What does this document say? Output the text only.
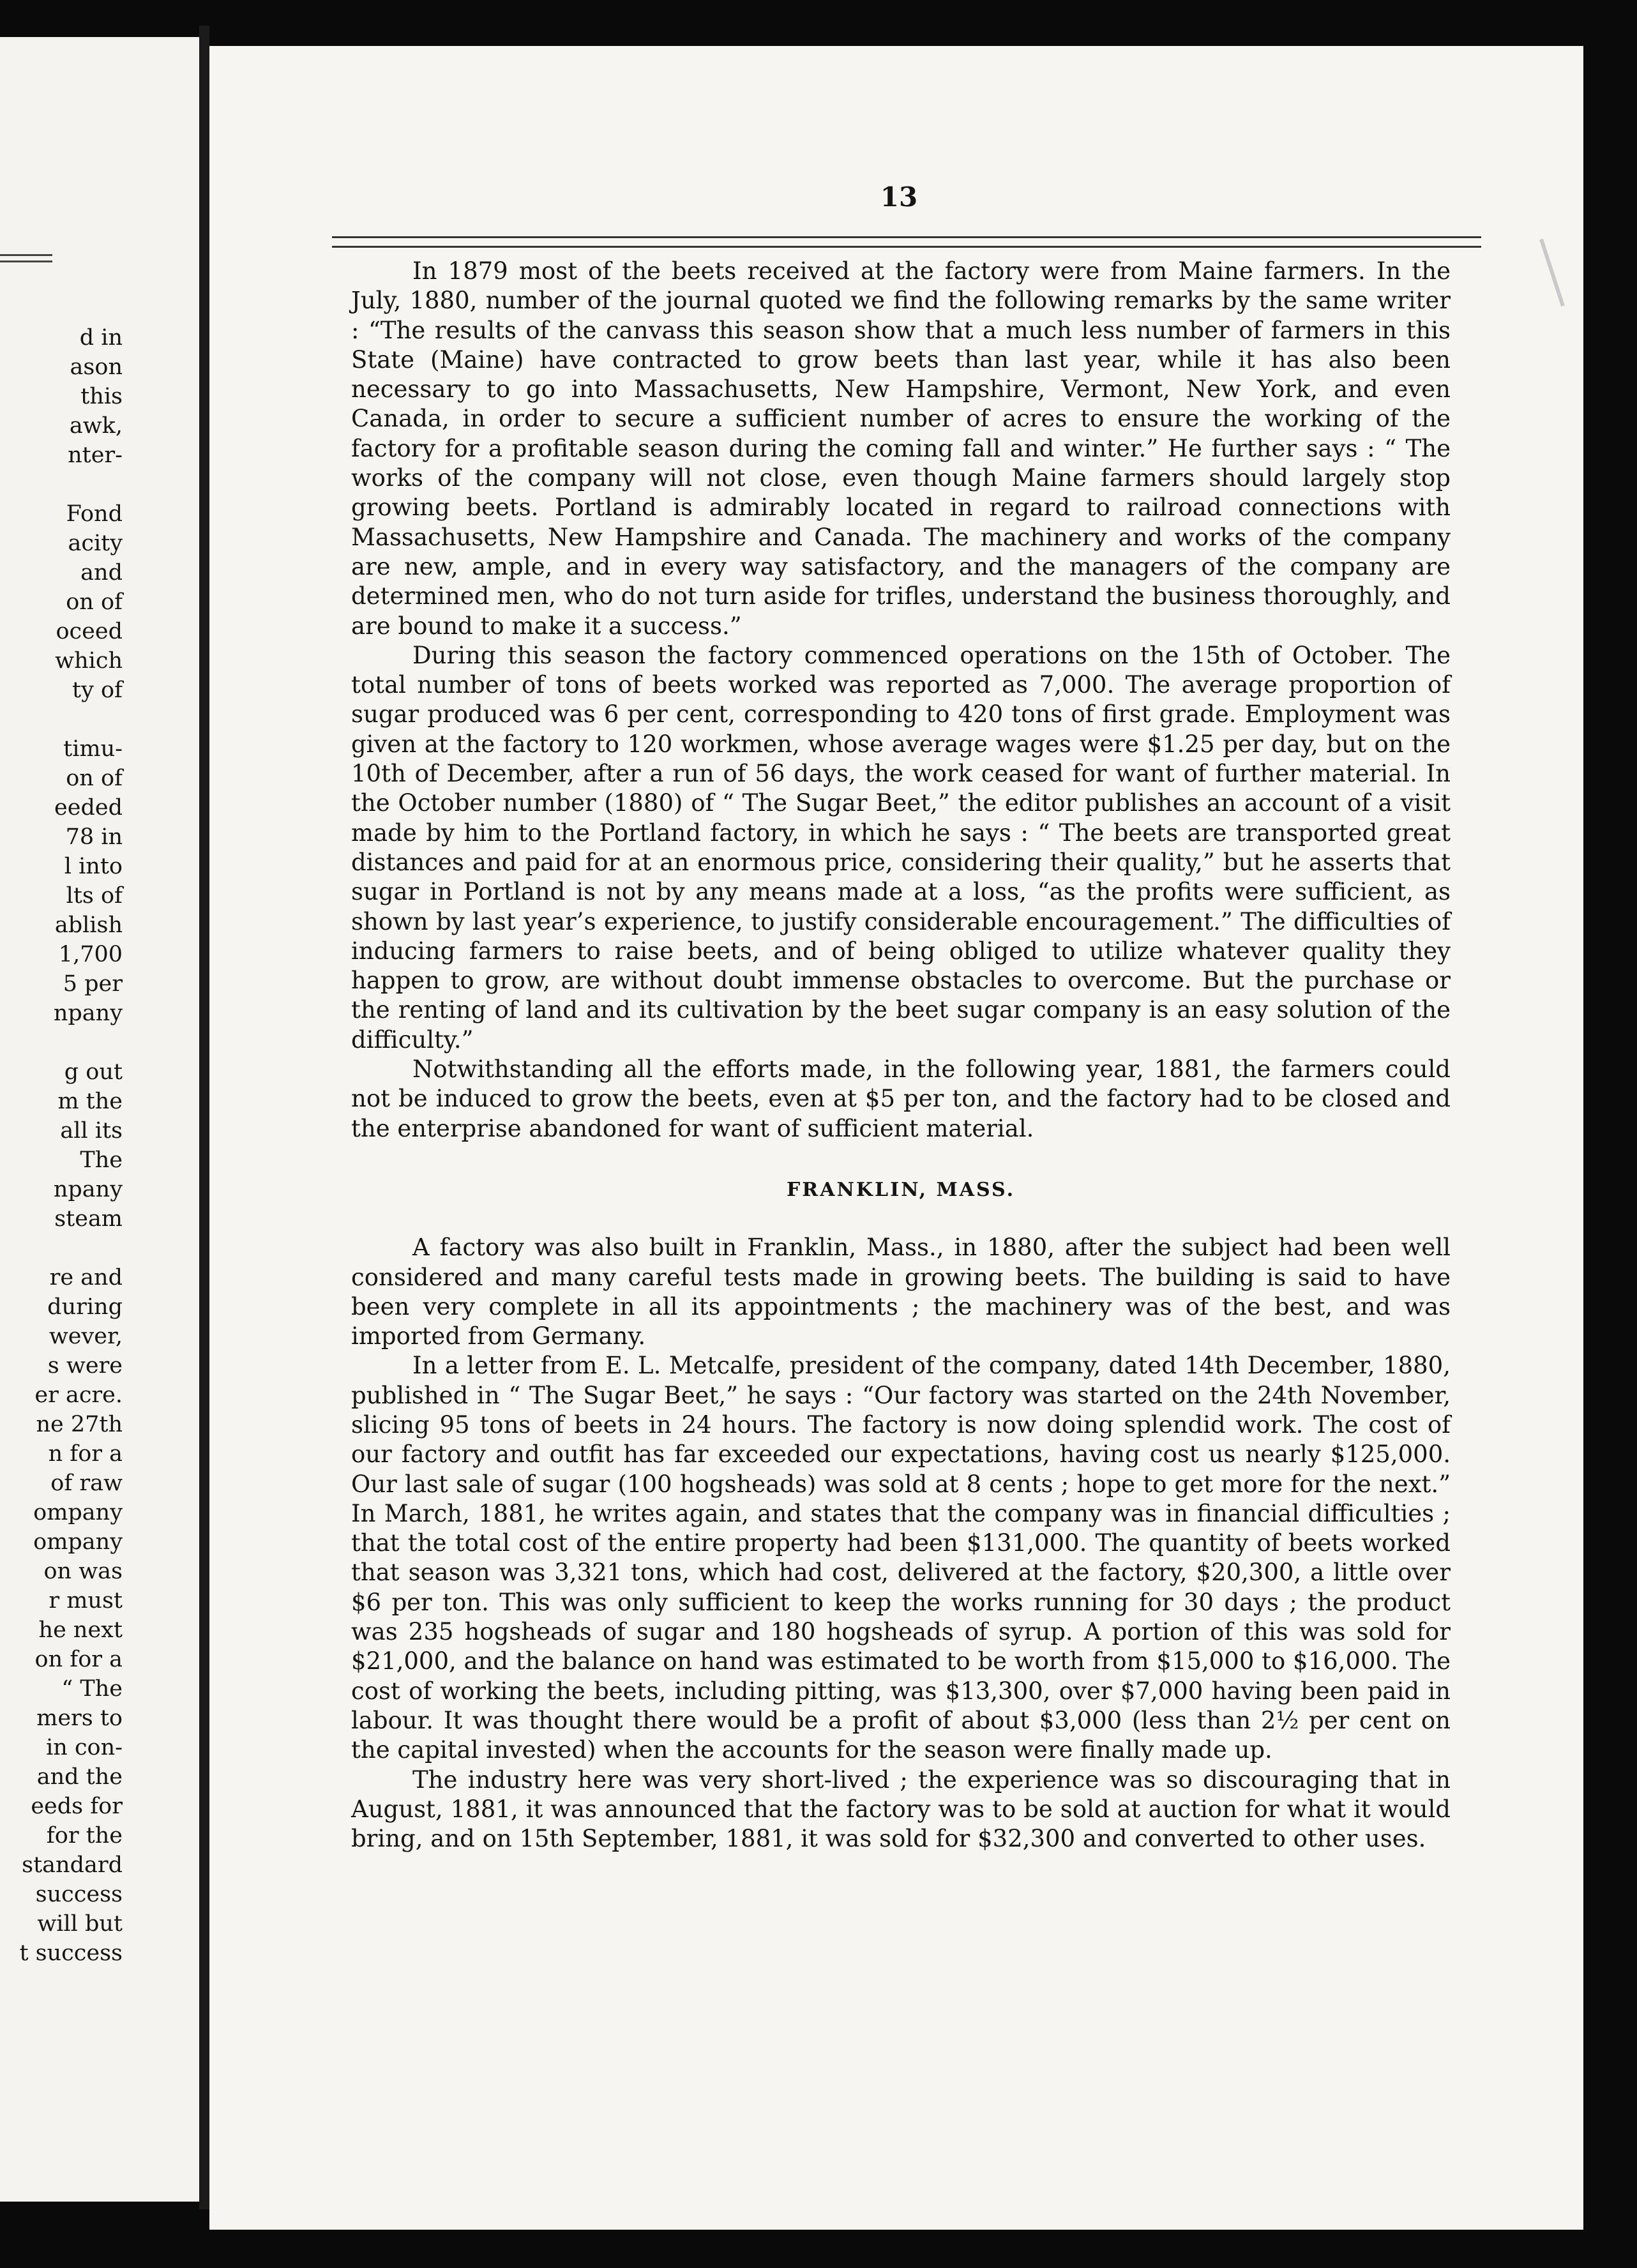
d in
ason
this
awk,
nter-
Fond
acity
and
on of
oceed
which
ty of
timu-
on of
eeded
78 in
l into
lts of
ablish
1,700
5 per
npany
g out
m the
all its
The
npany
steam
re and
during
wever,
s were
er acre.
ne 27th
n for a
of raw
ompany
ompany
on was
r must
he next
on for a
“ The
mers to
in con-
and the
eeds for
for the
standard
success
will but
t success
13

In 1879 most of the beets received at the factory were from Maine farmers. In the July, 1880, number of the journal quoted we find the following remarks by the same writer : “The results of the canvass this season show that a much less number of farmers in this State (Maine) have contracted to grow beets than last year, while it has also been necessary to go into Massachusetts, New Hampshire, Vermont, New York, and even Canada, in order to secure a sufficient number of acres to ensure the working of the factory for a profitable season during the coming fall and winter.” He further says : “ The works of the company will not close, even though Maine farmers should largely stop growing beets. Portland is admirably located in regard to railroad connections with Massachusetts, New Hampshire and Canada. The machinery and works of the company are new, ample, and in every way satisfactory, and the managers of the company are determined men, who do not turn aside for trifles, understand the business thoroughly, and are bound to make it a success.”

During this season the factory commenced operations on the 15th of October. The total number of tons of beets worked was reported as 7,000. The average proportion of sugar produced was 6 per cent, corresponding to 420 tons of first grade. Employment was given at the factory to 120 workmen, whose average wages were $1.25 per day, but on the 10th of December, after a run of 56 days, the work ceased for want of further material. In the October number (1880) of “ The Sugar Beet,” the editor publishes an account of a visit made by him to the Portland factory, in which he says : “ The beets are transported great distances and paid for at an enormous price, considering their quality,” but he asserts that sugar in Portland is not by any means made at a loss, “as the profits were sufficient, as shown by last year’s experience, to justify considerable encouragement.” The difficulties of inducing farmers to raise beets, and of being obliged to utilize whatever quality they happen to grow, are without doubt immense obstacles to overcome. But the purchase or the renting of land and its cultivation by the beet sugar company is an easy solution of the difficulty.”

Notwithstanding all the efforts made, in the following year, 1881, the farmers could not be induced to grow the beets, even at $5 per ton, and the factory had to be closed and the enterprise abandoned for want of sufficient material.

FRANKLIN, MASS.

A factory was also built in Franklin, Mass., in 1880, after the subject had been well considered and many careful tests made in growing beets. The building is said to have been very complete in all its appointments ; the machinery was of the best, and was imported from Germany.

In a letter from E. L. Metcalfe, president of the company, dated 14th December, 1880, published in “ The Sugar Beet,” he says : “Our factory was started on the 24th November, slicing 95 tons of beets in 24 hours. The factory is now doing splendid work. The cost of our factory and outfit has far exceeded our expectations, having cost us nearly $125,000. Our last sale of sugar (100 hogsheads) was sold at 8 cents ; hope to get more for the next.” In March, 1881, he writes again, and states that the company was in financial difficulties ; that the total cost of the entire property had been $131,000. The quantity of beets worked that season was 3,321 tons, which had cost, delivered at the factory, $20,300, a little over $6 per ton. This was only sufficient to keep the works running for 30 days ; the product was 235 hogsheads of sugar and 180 hogsheads of syrup. A portion of this was sold for $21,000, and the balance on hand was estimated to be worth from $15,000 to $16,000. The cost of working the beets, including pitting, was $13,300, over $7,000 having been paid in labour. It was thought there would be a profit of about $3,000 (less than 2½ per cent on the capital invested) when the accounts for the season were finally made up.

The industry here was very short-lived ; the experience was so discouraging that in August, 1881, it was announced that the factory was to be sold at auction for what it would bring, and on 15th September, 1881, it was sold for $32,300 and converted to other uses.
